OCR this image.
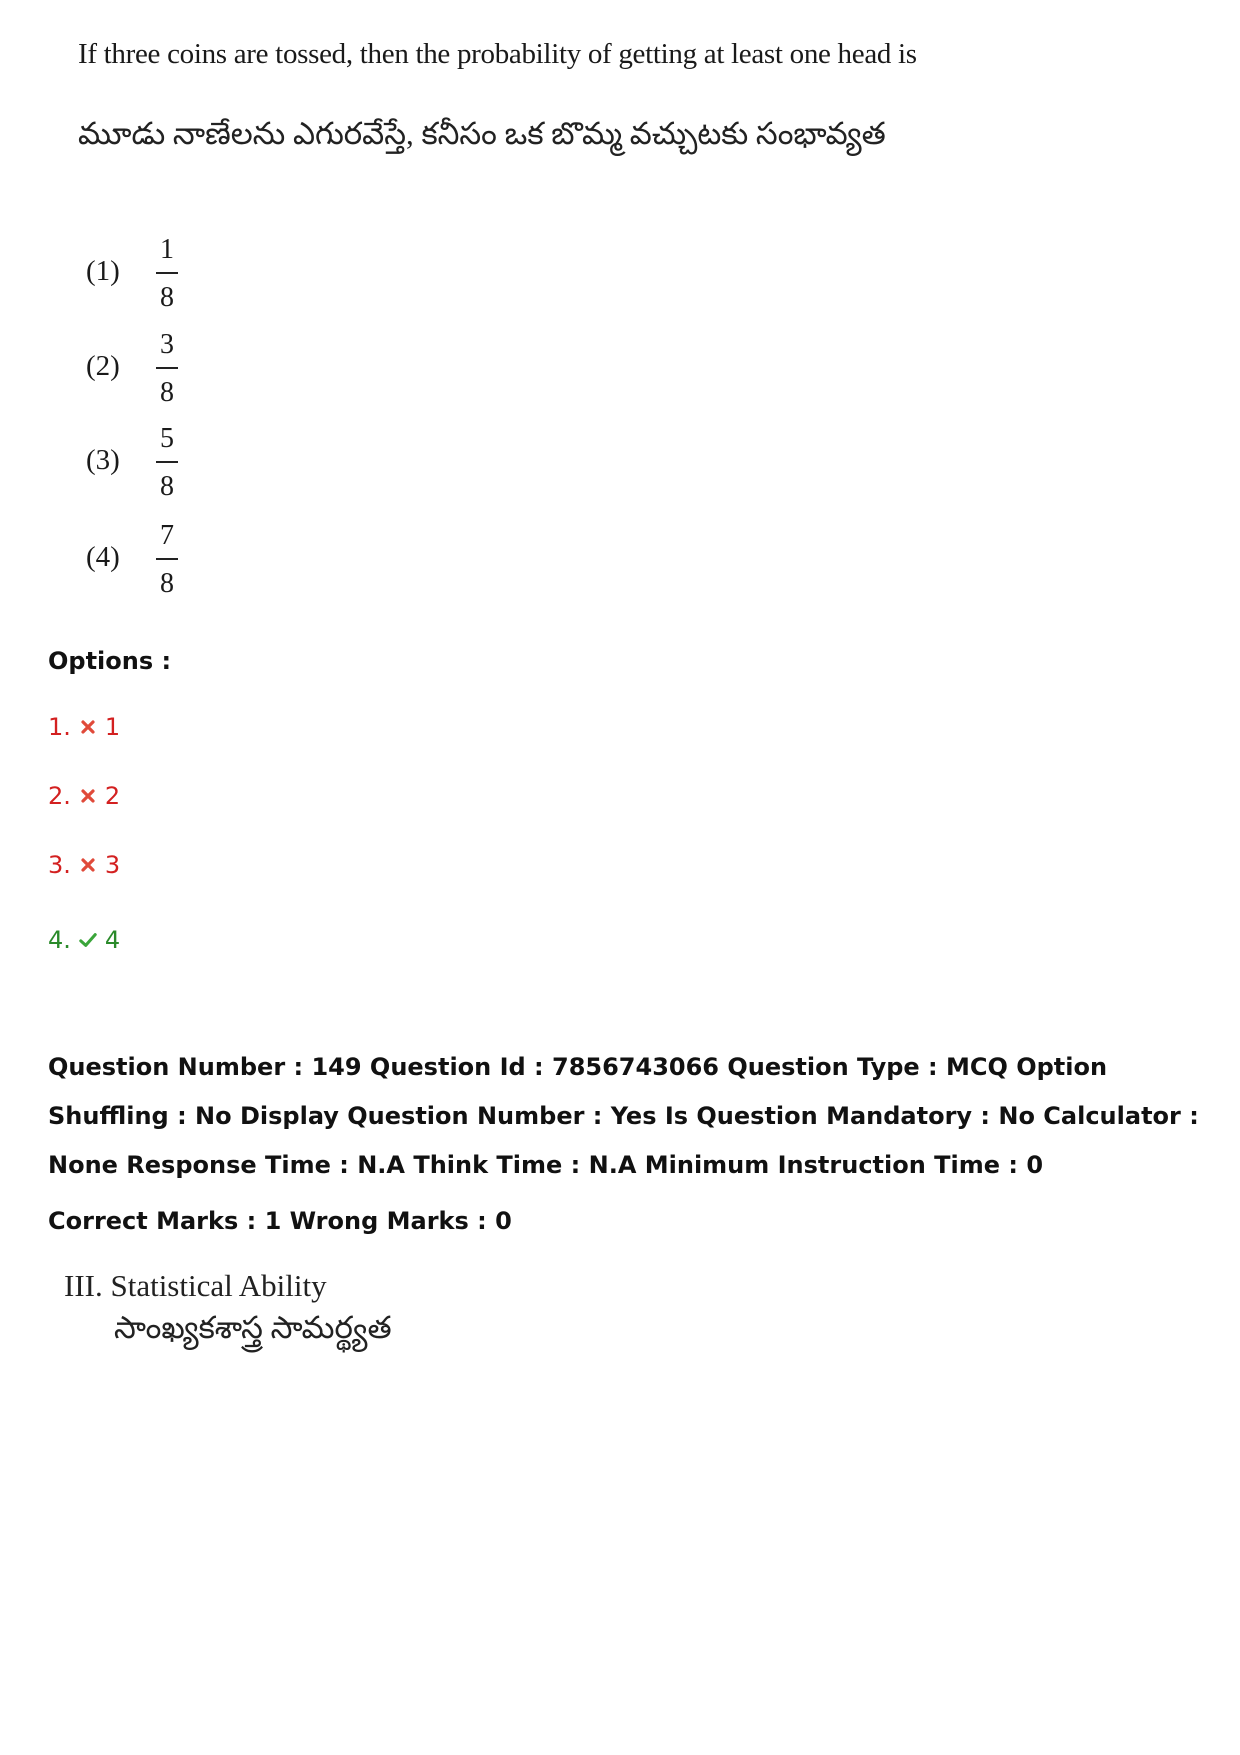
If three coins are tossed, then the probability of getting at least one head is
మూడు నాణేలను ఎగురవేస్తే, కనీసం ఒక బొమ్మ వచ్చుటకు సంభావ్యత
(1)
1
8
(2)
3
8
(3)
5
8
(4)
7
8
Options :
1. 1
2. 2
3. 3
4. 4
Question Number : 149 Question Id : 7856743066 Question Type : MCQ Option Shuffling : No Display Question Number : Yes Is Question Mandatory : No Calculator : None Response Time : N.A Think Time : N.A Minimum Instruction Time : 0
Correct Marks : 1 Wrong Marks : 0
III. Statistical Ability
సాంఖ్యకశాస్త్ర సామర్థ్యత
